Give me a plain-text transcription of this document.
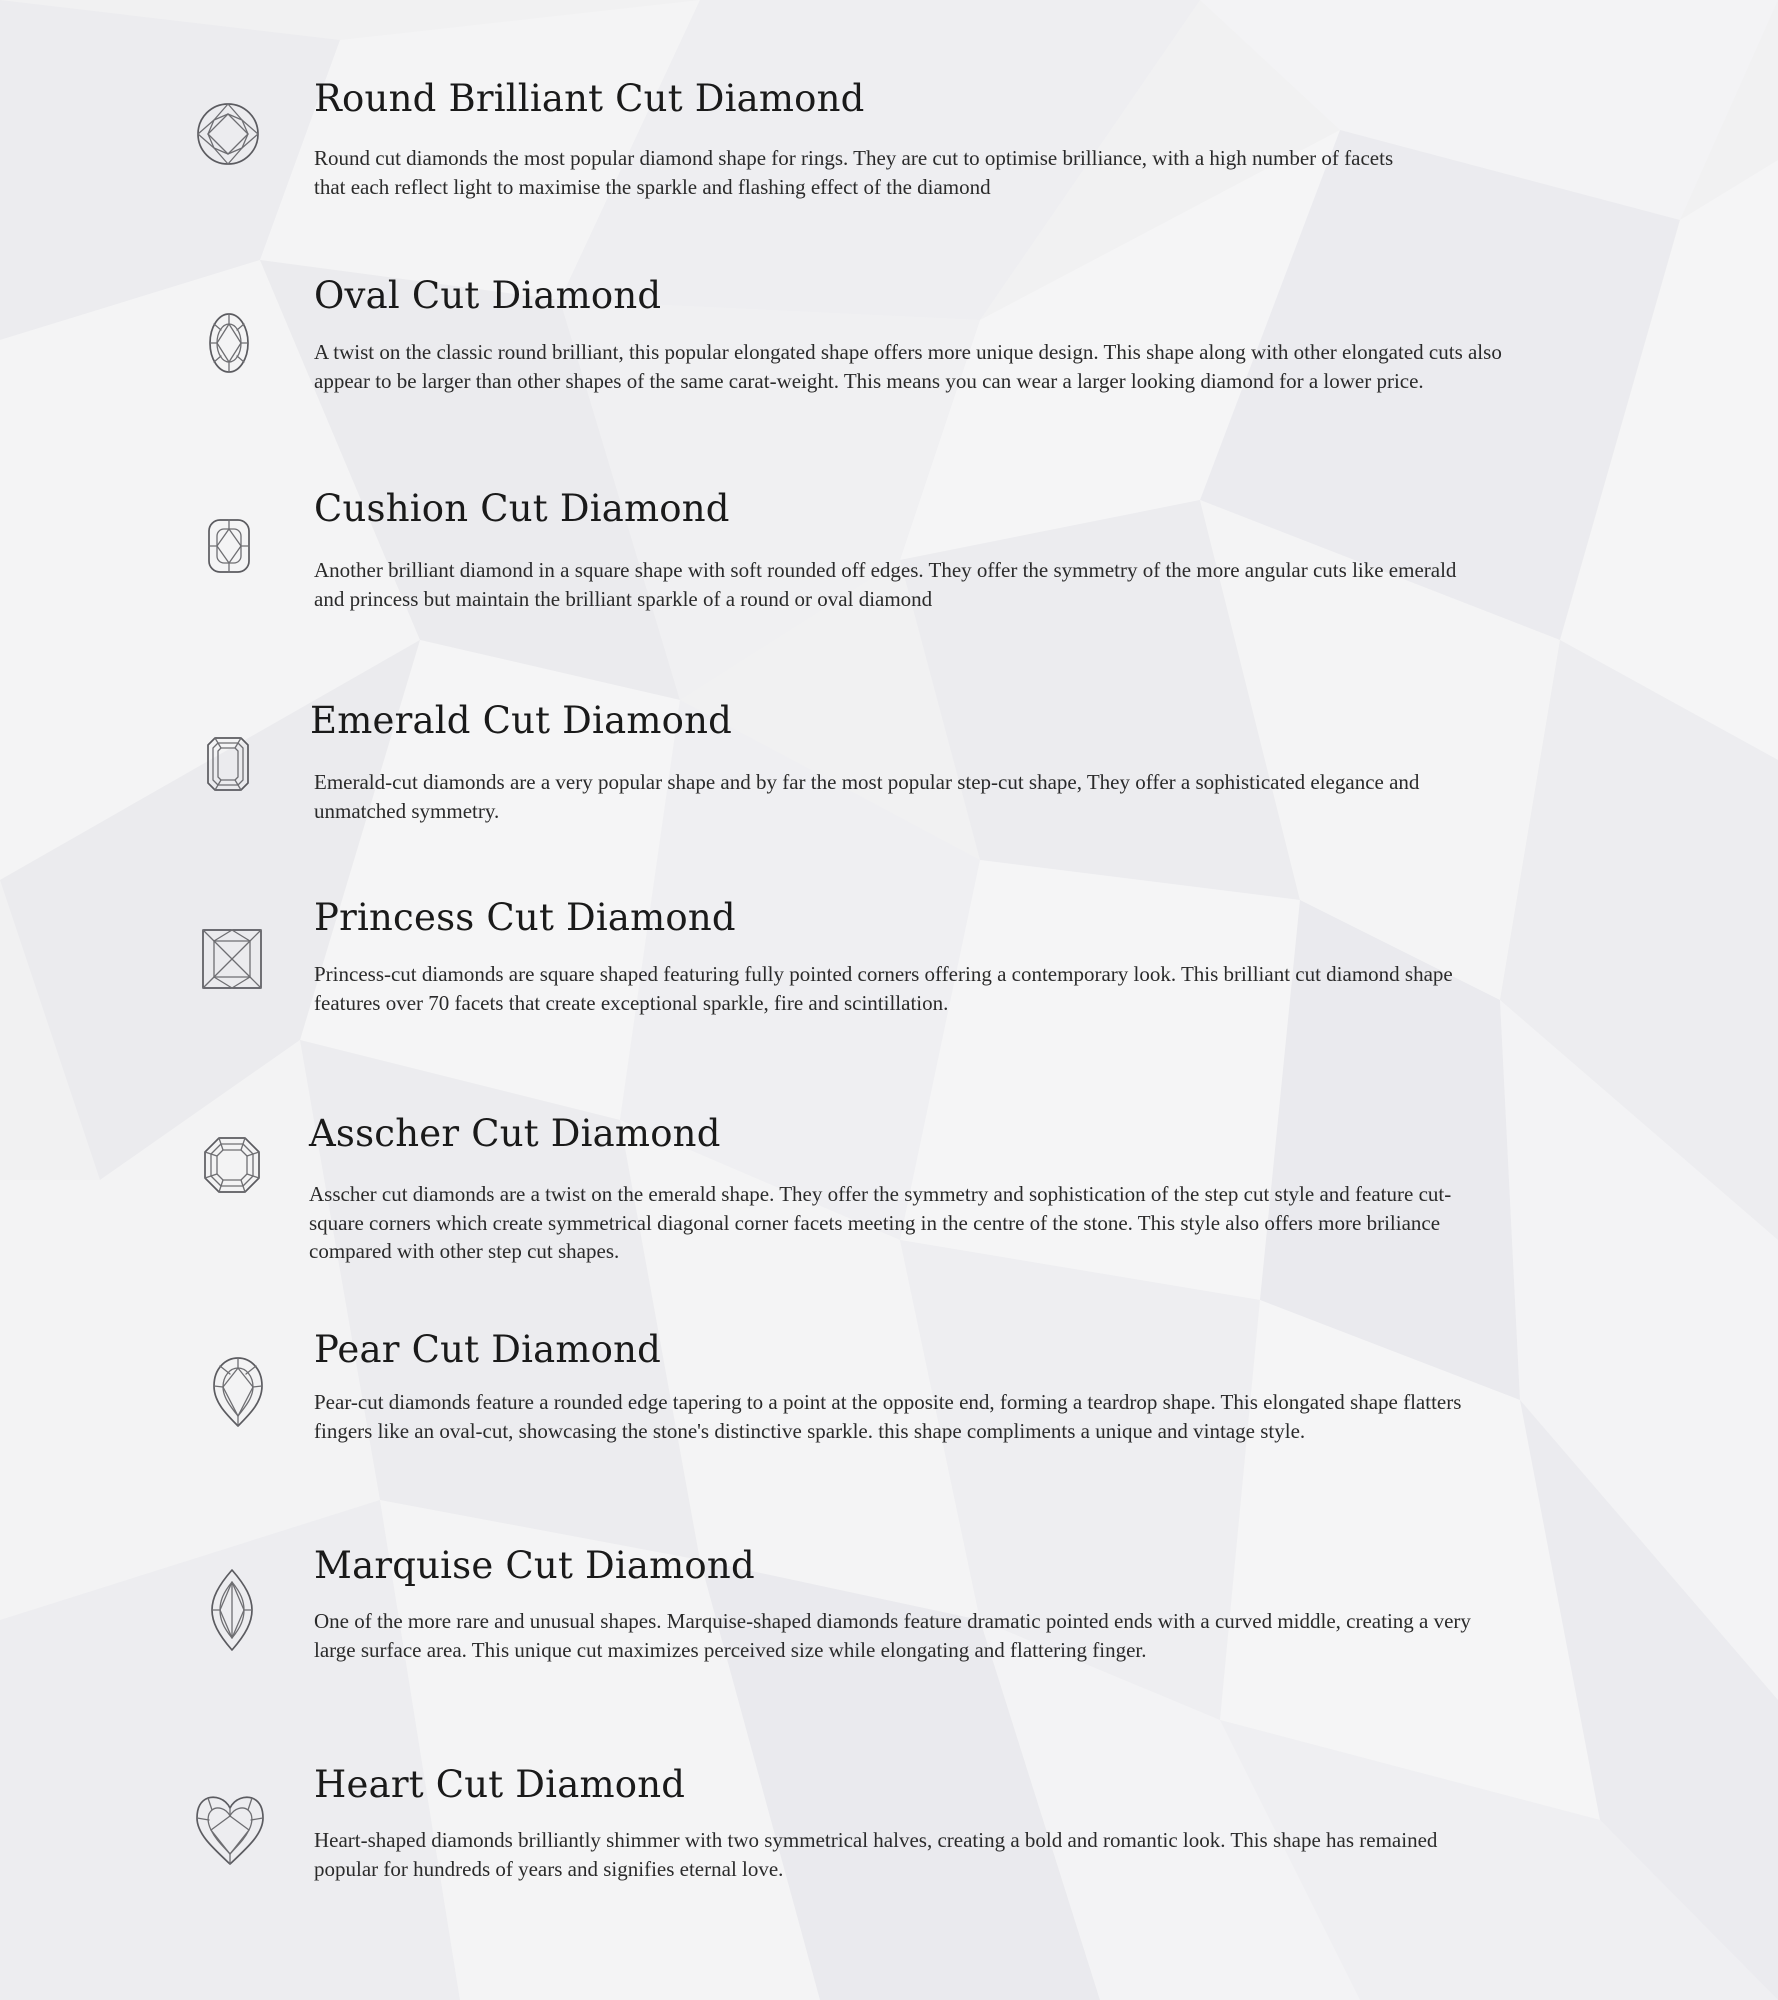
Round Brilliant Cut Diamond

Round cut diamonds the most popular diamond shape for rings. They are cut to optimise brilliance, with a high number of facets that each reflect light to maximise the sparkle and flashing effect of the diamond

Oval Cut Diamond

A twist on the classic round brilliant, this popular elongated shape offers more unique design. This shape along with other elongated cuts also appear to be larger than other shapes of the same carat-weight. This means you can wear a larger looking diamond for a lower price.

Cushion Cut Diamond

Another brilliant diamond in a square shape with soft rounded off edges. They offer the symmetry of the more angular cuts like emerald and princess but maintain the brilliant sparkle of a round or oval diamond

Emerald Cut Diamond

Emerald-cut diamonds are a very popular shape and by far the most popular step-cut shape, They offer a sophisticated elegance and unmatched symmetry.

Princess Cut Diamond

Princess-cut diamonds are square shaped featuring fully pointed corners offering a contemporary look. This brilliant cut diamond shape features over 70 facets that create exceptional sparkle, fire and scintillation.

Asscher Cut Diamond

Asscher cut diamonds are a twist on the emerald shape. They offer the symmetry and sophistication of the step cut style and feature cut-square corners which create symmetrical diagonal corner facets meeting in the centre of the stone. This style also offers more briliance compared with other step cut shapes.

Pear Cut Diamond

Pear-cut diamonds feature a rounded edge tapering to a point at the opposite end, forming a teardrop shape. This elongated shape flatters fingers like an oval-cut, showcasing the stone's distinctive sparkle. this shape compliments a unique and vintage style.

Marquise Cut Diamond

One of the more rare and unusual shapes. Marquise-shaped diamonds feature dramatic pointed ends with a curved middle, creating a very large surface area. This unique cut maximizes perceived size while elongating and flattering finger.

Heart Cut Diamond

Heart-shaped diamonds brilliantly shimmer with two symmetrical halves, creating a bold and romantic look. This shape has remained popular for hundreds of years and signifies eternal love.
